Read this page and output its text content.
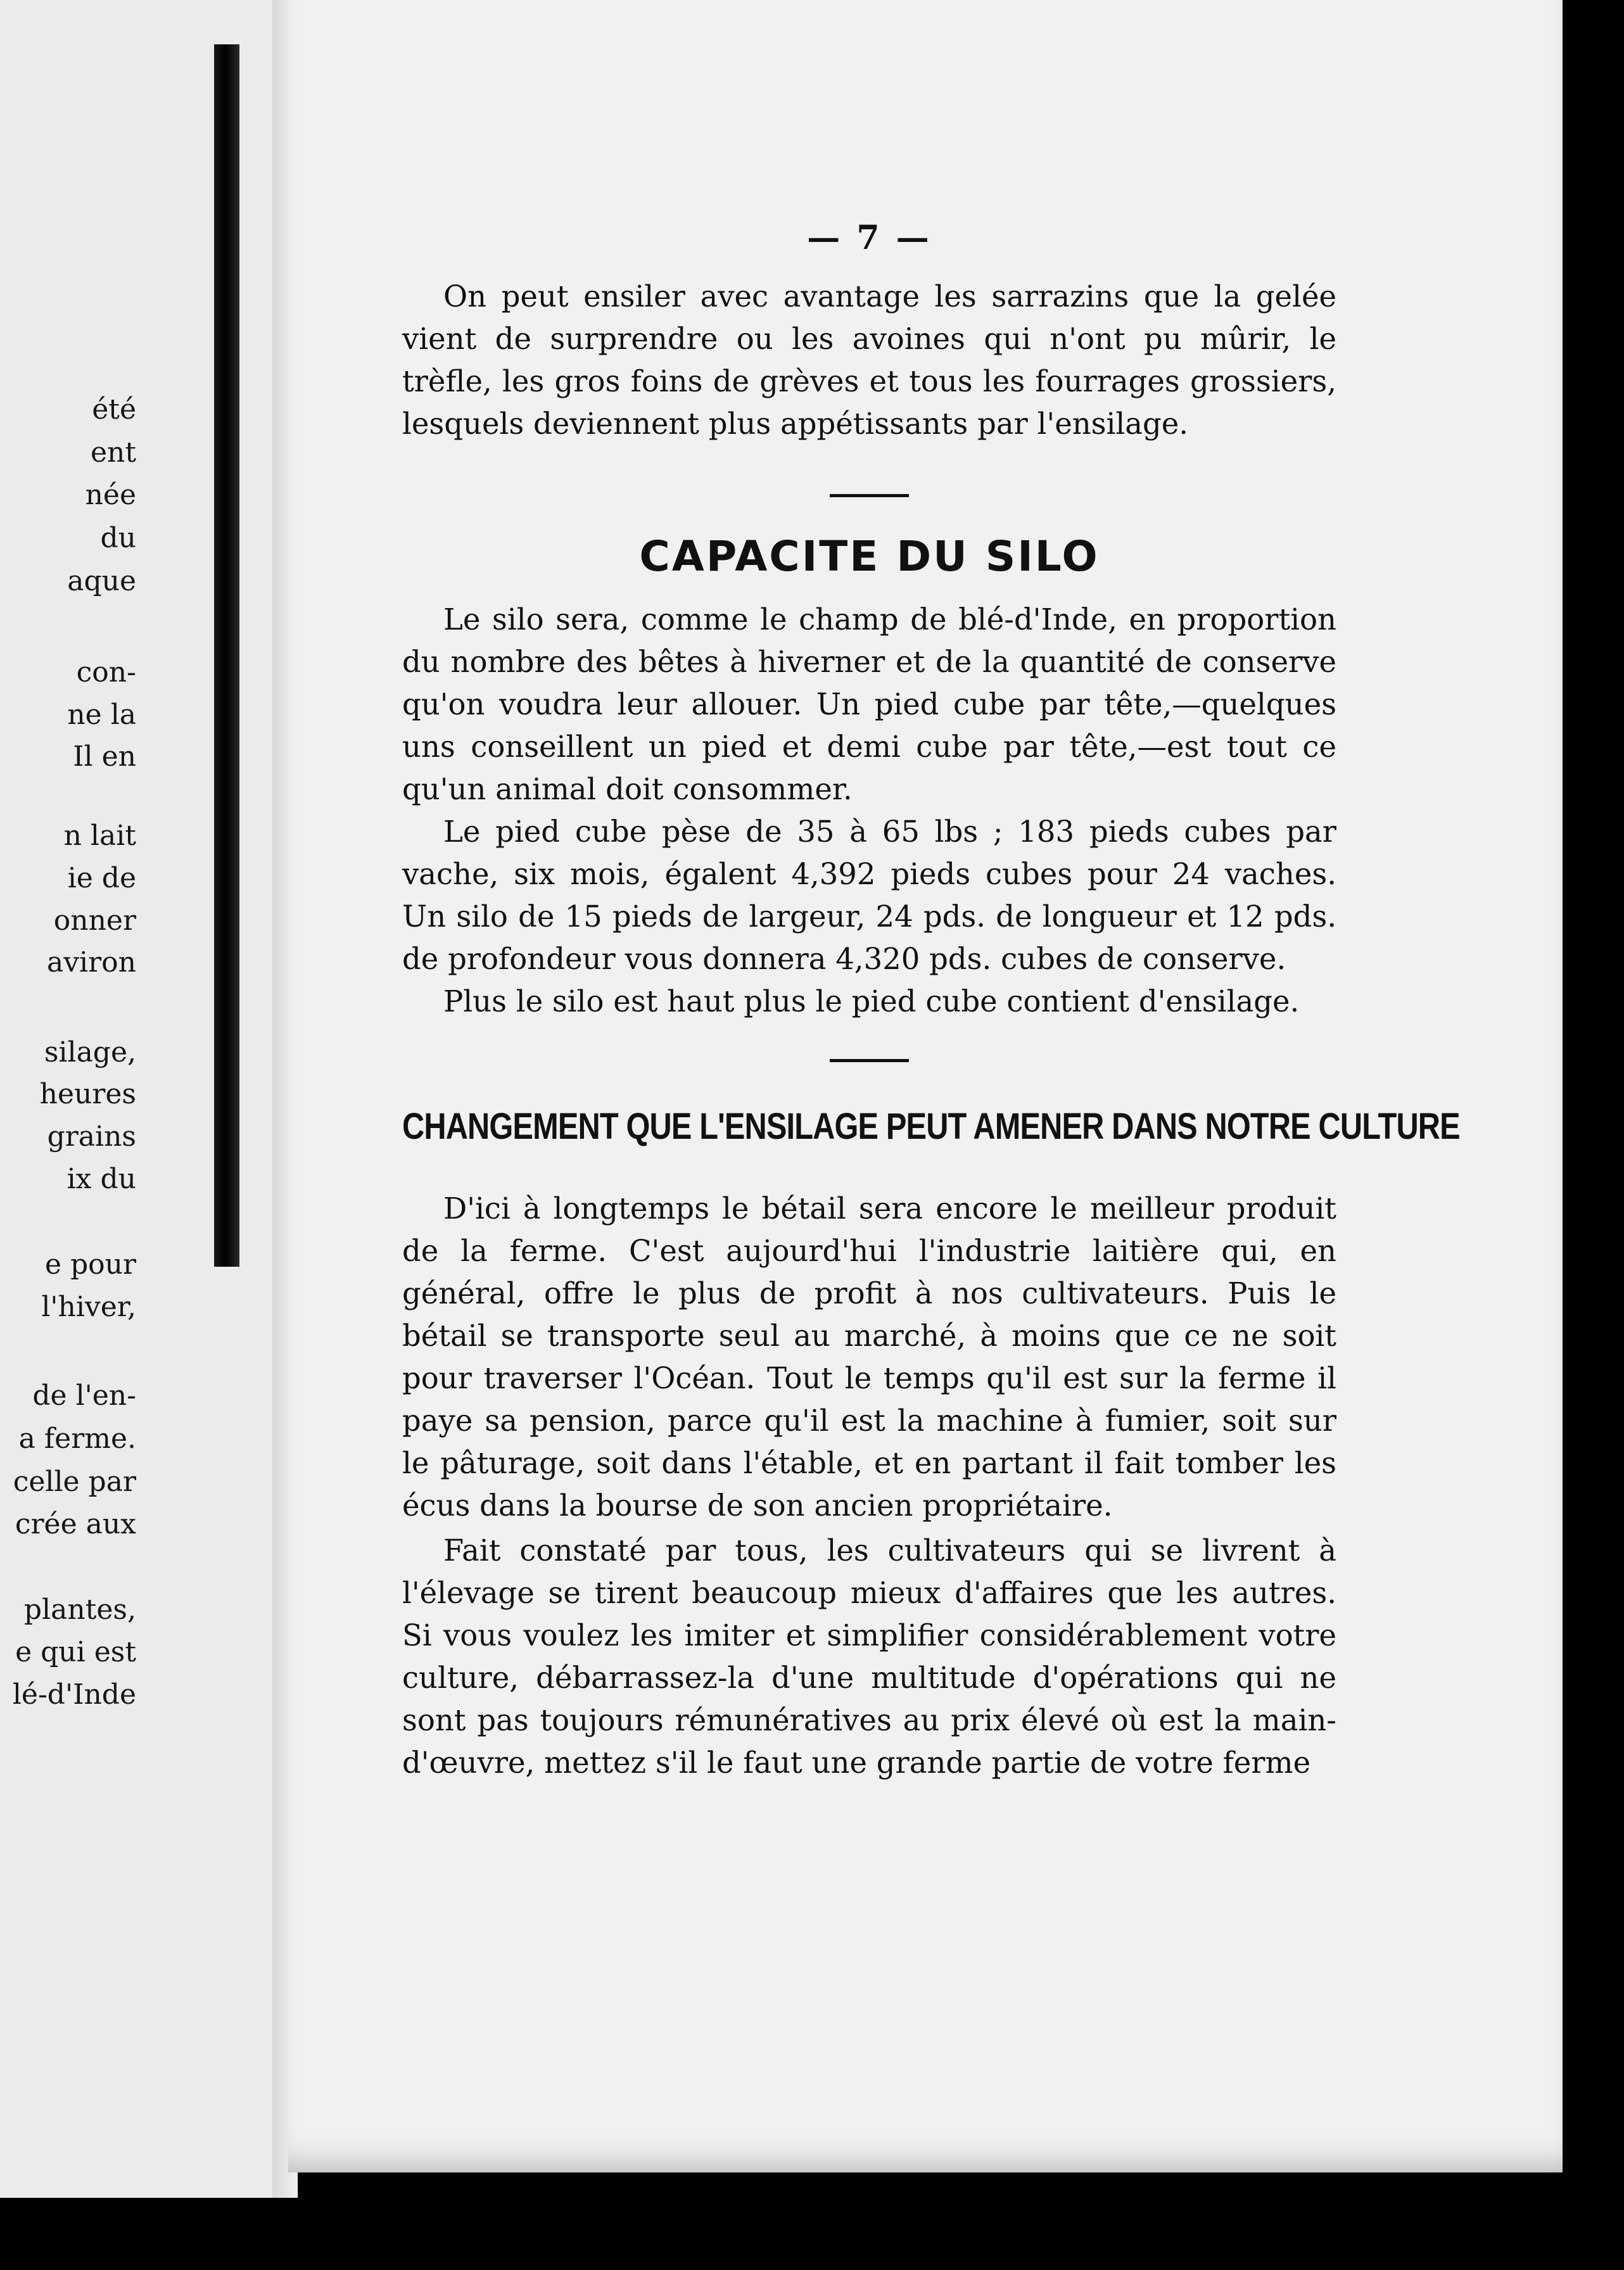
été
ent
née
du
aque
con-
ne la
Il en
n lait
ie de
onner
aviron
silage,
heures
grains
ix du
e pour
l'hiver,
de l'en-
a ferme.
celle par
crée aux
plantes,
e qui est
lé-d'Inde
— 7 —

On peut ensiler avec avantage les sarrazins que la gelée vient de surprendre ou les avoines qui n'ont pu mûrir, le trèfle, les gros foins de grèves et tous les fourrages grossiers, lesquels deviennent plus appétissants par l'ensilage.

CAPACITE DU SILO

Le silo sera, comme le champ de blé-d'Inde, en proportion du nombre des bêtes à hiverner et de la quantité de conserve qu'on voudra leur allouer. Un pied cube par tête,—quelques uns conseillent un pied et demi cube par tête,—est tout ce qu'un animal doit consommer.

Le pied cube pèse de 35 à 65 lbs ; 183 pieds cubes par vache, six mois, égalent 4,392 pieds cubes pour 24 vaches. Un silo de 15 pieds de largeur, 24 pds. de longueur et 12 pds. de profondeur vous donnera 4,320 pds. cubes de conserve.

Plus le silo est haut plus le pied cube contient d'ensilage.

CHANGEMENT QUE L'ENSILAGE PEUT AMENER DANS NOTRE CULTURE

D'ici à longtemps le bétail sera encore le meilleur produit de la ferme. C'est aujourd'hui l'industrie laitière qui, en général, offre le plus de profit à nos cultivateurs. Puis le bétail se transporte seul au marché, à moins que ce ne soit pour traverser l'Océan. Tout le temps qu'il est sur la ferme il paye sa pension, parce qu'il est la machine à fumier, soit sur le pâturage, soit dans l'étable, et en partant il fait tomber les écus dans la bourse de son ancien propriétaire.

Fait constaté par tous, les cultivateurs qui se livrent à l'élevage se tirent beaucoup mieux d'affaires que les autres. Si vous voulez les imiter et simplifier considérablement votre culture, débarrassez-la d'une multitude d'opérations qui ne sont pas toujours rémunératives au prix élevé où est la main-d'œuvre, mettez s'il le faut une grande partie de votre ferme
